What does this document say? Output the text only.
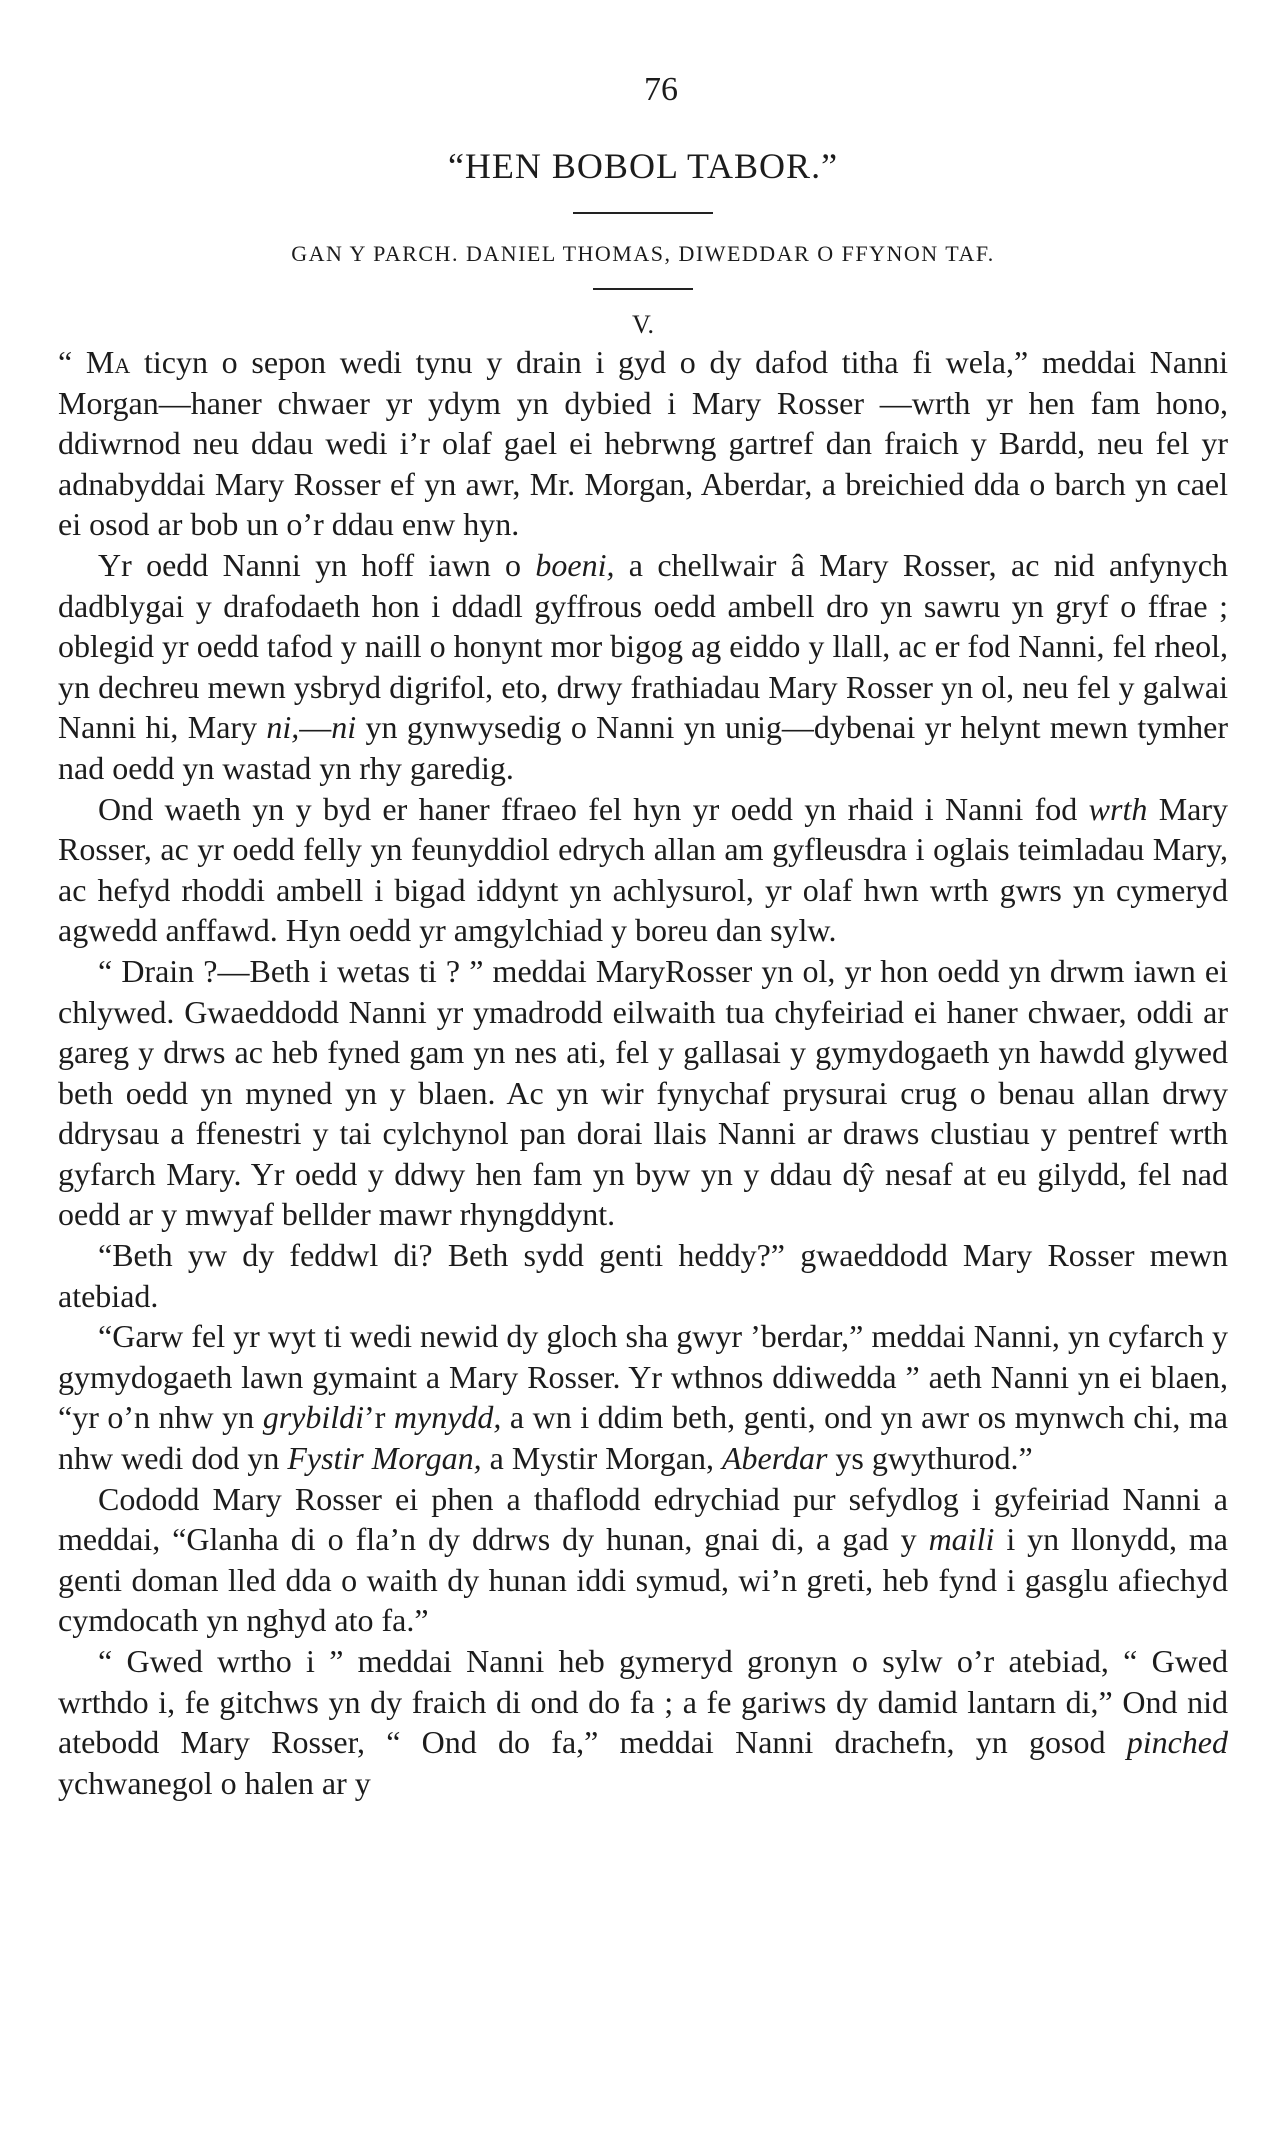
76
“HEN BOBOL TABOR.”
GAN Y PARCH. DANIEL THOMAS, DIWEDDAR O FFYNON TAF.
V.

“ Ma ticyn o sepon wedi tynu y drain i gyd o dy dafod titha fi wela,” meddai Nanni Morgan—haner chwaer yr ydym yn dybied i Mary Rosser —wrth yr hen fam hono, ddiwrnod neu ddau wedi i’r olaf gael ei hebrwng gartref dan fraich y Bardd, neu fel yr adnabyddai Mary Rosser ef yn awr, Mr. Morgan, Aberdar, a breichied dda o barch yn cael ei osod ar bob un o’r ddau enw hyn.

Yr oedd Nanni yn hoff iawn o boeni, a chellwair â Mary Rosser, ac nid anfynych dadblygai y drafodaeth hon i ddadl gyffrous oedd ambell dro yn sawru yn gryf o ffrae ; oblegid yr oedd tafod y naill o honynt mor bigog ag eiddo y llall, ac er fod Nanni, fel rheol, yn dechreu mewn ysbryd digrifol, eto, drwy frathiadau Mary Rosser yn ol, neu fel y galwai Nanni hi, Mary ni,—ni yn gynwysedig o Nanni yn unig—dybenai yr helynt mewn tymher nad oedd yn wastad yn rhy garedig.

Ond waeth yn y byd er haner ffraeo fel hyn yr oedd yn rhaid i Nanni fod wrth Mary Rosser, ac yr oedd felly yn feunyddiol edrych allan am gyfleusdra i oglais teimladau Mary, ac hefyd rhoddi ambell i bigad iddynt yn achlysurol, yr olaf hwn wrth gwrs yn cymeryd agwedd anffawd. Hyn oedd yr amgylchiad y boreu dan sylw.

“ Drain ?—Beth i wetas ti ? ” meddai MaryRosser yn ol, yr hon oedd yn drwm iawn ei chlywed. Gwaeddodd Nanni yr ymadrodd eilwaith tua chyfeiriad ei haner chwaer, oddi ar gareg y drws ac heb fyned gam yn nes ati, fel y gallasai y gymydogaeth yn hawdd glywed beth oedd yn myned yn y blaen. Ac yn wir fynychaf prysurai crug o benau allan drwy ddrysau a ffenestri y tai cylchynol pan dorai llais Nanni ar draws clustiau y pentref wrth gyfarch Mary. Yr oedd y ddwy hen fam yn byw yn y ddau dŷ nesaf at eu gilydd, fel nad oedd ar y mwyaf bellder mawr rhyngddynt.

“Beth yw dy feddwl di? Beth sydd genti heddy?” gwaeddodd Mary Rosser mewn atebiad.

“Garw fel yr wyt ti wedi newid dy gloch sha gwyr ’berdar,” meddai Nanni, yn cyfarch y gymydogaeth lawn gymaint a Mary Rosser. Yr wthnos ddiwedda ” aeth Nanni yn ei blaen, “yr o’n nhw yn grybildi’r mynydd, a wn i ddim beth, genti, ond yn awr os mynwch chi, ma nhw wedi dod yn Fystir Morgan, a Mystir Morgan, Aberdar ys gwythurod.”

Cododd Mary Rosser ei phen a thaflodd edrychiad pur sefydlog i gyfeiriad Nanni a meddai, “Glanha di o fla’n dy ddrws dy hunan, gnai di, a gad y maili i yn llonydd, ma genti doman lled dda o waith dy hunan iddi symud, wi’n greti, heb fynd i gasglu afiechyd cymdocath yn nghyd ato fa.”

“ Gwed wrtho i ” meddai Nanni heb gymeryd gronyn o sylw o’r atebiad, “ Gwed wrthdo i, fe gitchws yn dy fraich di ond do fa ; a fe gariws dy damid lantarn di,” Ond nid atebodd Mary Rosser, “ Ond do fa,” meddai Nanni drachefn, yn gosod pinched ychwanegol o halen ar y
